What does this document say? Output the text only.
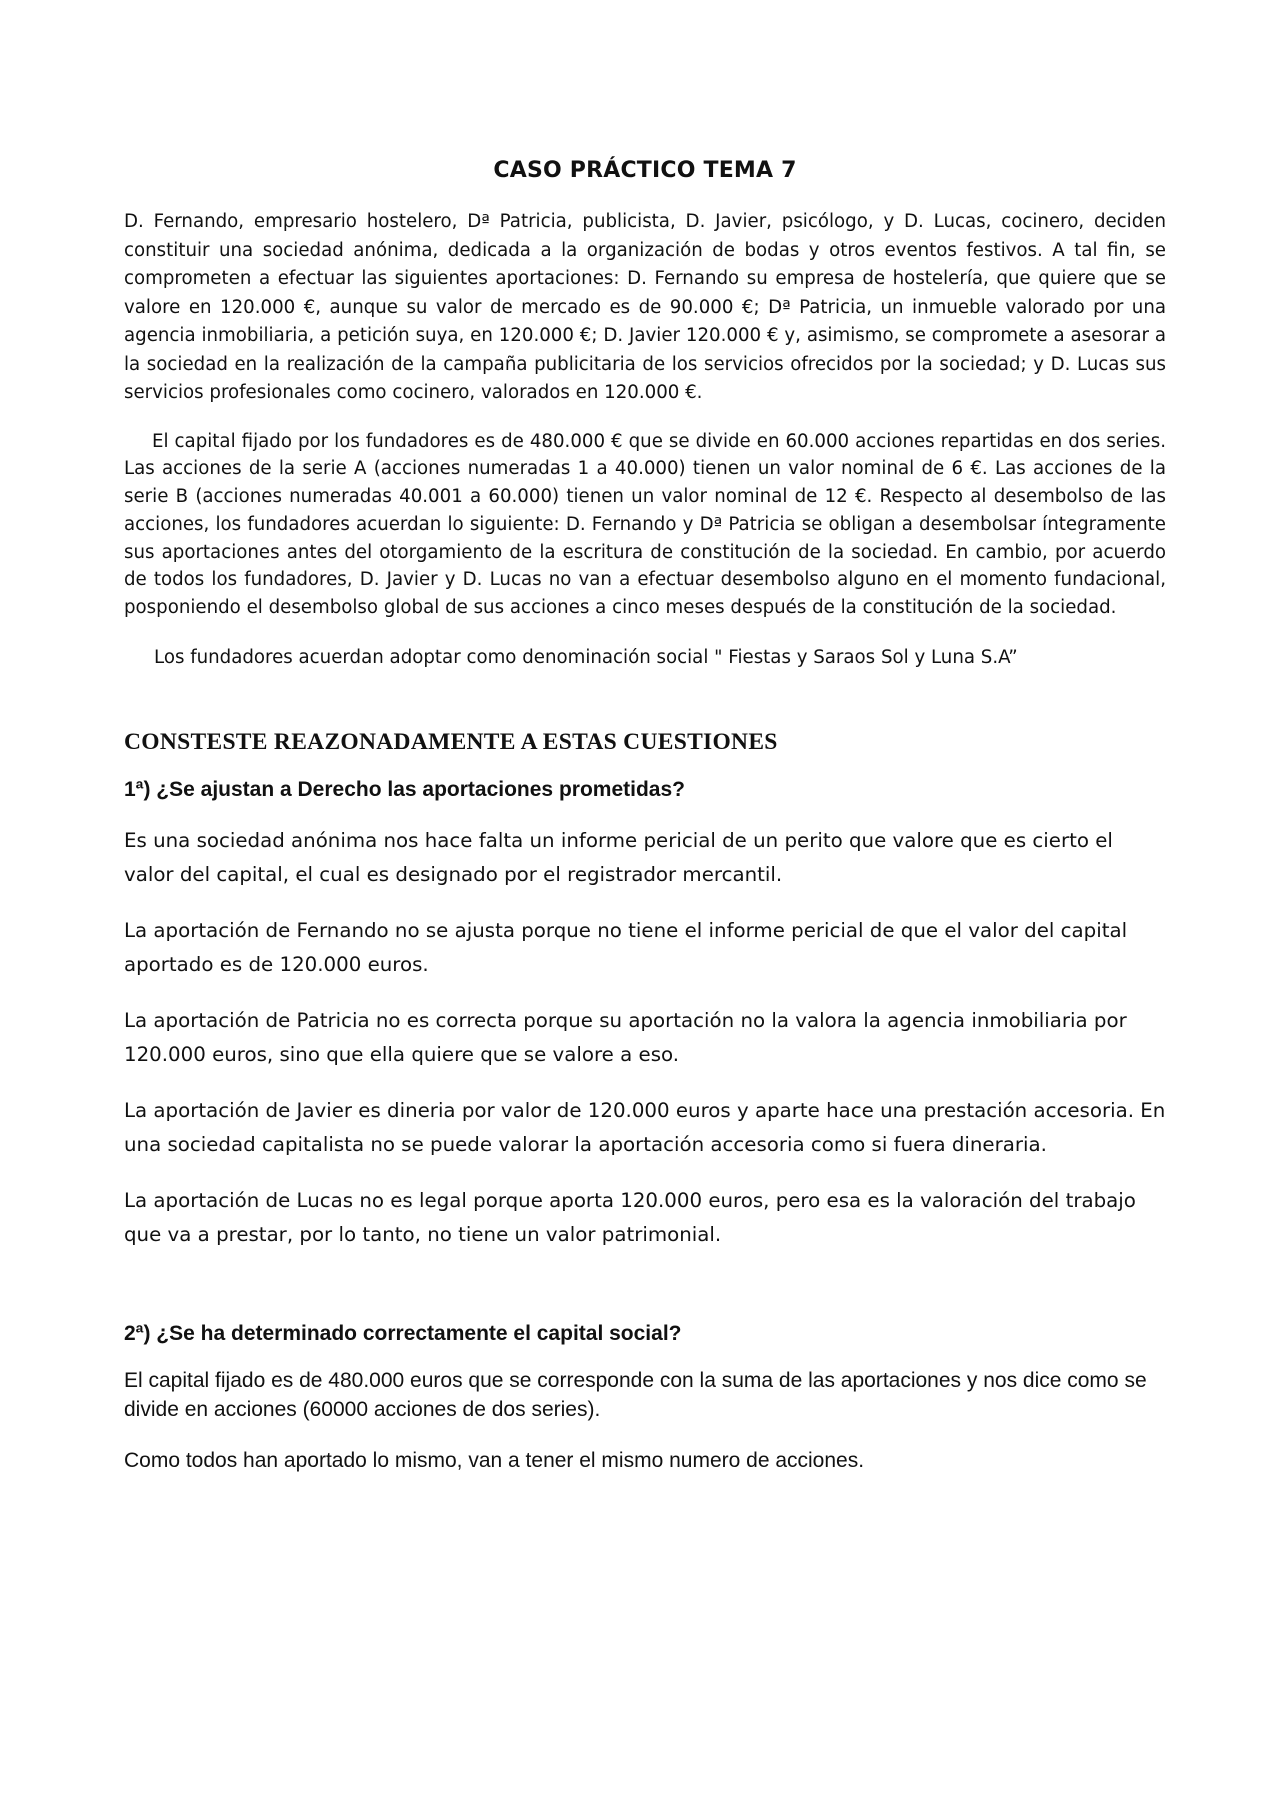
CASO PRÁCTICO TEMA 7

D. Fernando, empresario hostelero, Dª Patricia, publicista, D. Javier, psicólogo, y D. Lucas, cocinero, deciden constituir una sociedad anónima, dedicada a la organización de bodas y otros eventos festivos. A tal fin, se comprometen a efectuar las siguientes aportaciones: D. Fernando su empresa de hostelería, que quiere que se valore en 120.000 €, aunque su valor de mercado es de 90.000 €; Dª Patricia, un inmueble valorado por una agencia inmobiliaria, a petición suya, en 120.000 €; D. Javier 120.000 € y, asimismo, se compromete a asesorar a la sociedad en la realización de la campaña publicitaria de los servicios ofrecidos por la sociedad; y D. Lucas sus servicios profesionales como cocinero, valorados en 120.000 €.

El capital fijado por los fundadores es de 480.000 € que se divide en 60.000 acciones repartidas en dos series. Las acciones de la serie A (acciones numeradas 1 a 40.000) tienen un valor nominal de 6 €. Las acciones de la serie B (acciones numeradas 40.001 a 60.000) tienen un valor nominal de 12 €. Respecto al desembolso de las acciones, los fundadores acuerdan lo siguiente: D. Fernando y Dª Patricia se obligan a desembolsar íntegramente sus aportaciones antes del otorgamiento de la escritura de constitución de la sociedad. En cambio, por acuerdo de todos los fundadores, D. Javier y D. Lucas no van a efectuar desembolso alguno en el momento fundacional, posponiendo el desembolso global de sus acciones a cinco meses después de la constitución de la sociedad.

Los fundadores acuerdan adoptar como denominación social " Fiestas y Saraos Sol y Luna S.A”

CONSTESTE REAZONADAMENTE A ESTAS CUESTIONES
1ª) ¿Se ajustan a Derecho las aportaciones prometidas?

Es una sociedad anónima nos hace falta un informe pericial de un perito que valore que es cierto el valor del capital, el cual es designado por el registrador mercantil.

La aportación de Fernando no se ajusta porque no tiene el informe pericial de que el valor del capital aportado es de 120.000 euros.

La aportación de Patricia no es correcta porque su aportación no la valora la agencia inmobiliaria por 120.000 euros, sino que ella quiere que se valore a eso.

La aportación de Javier es dineria por valor de 120.000 euros y aparte hace una prestación accesoria. En una sociedad capitalista no se puede valorar la aportación accesoria como si fuera dineraria.

La aportación de Lucas no es legal porque aporta 120.000 euros, pero esa es la valoración del trabajo que va a prestar, por lo tanto, no tiene un valor patrimonial.

2ª) ¿Se ha determinado correctamente el capital social?

El capital fijado es de 480.000 euros que se corresponde con la suma de las aportaciones y nos dice como se divide en acciones (60000 acciones de dos series).

Como todos han aportado lo mismo, van a tener el mismo numero de acciones.
